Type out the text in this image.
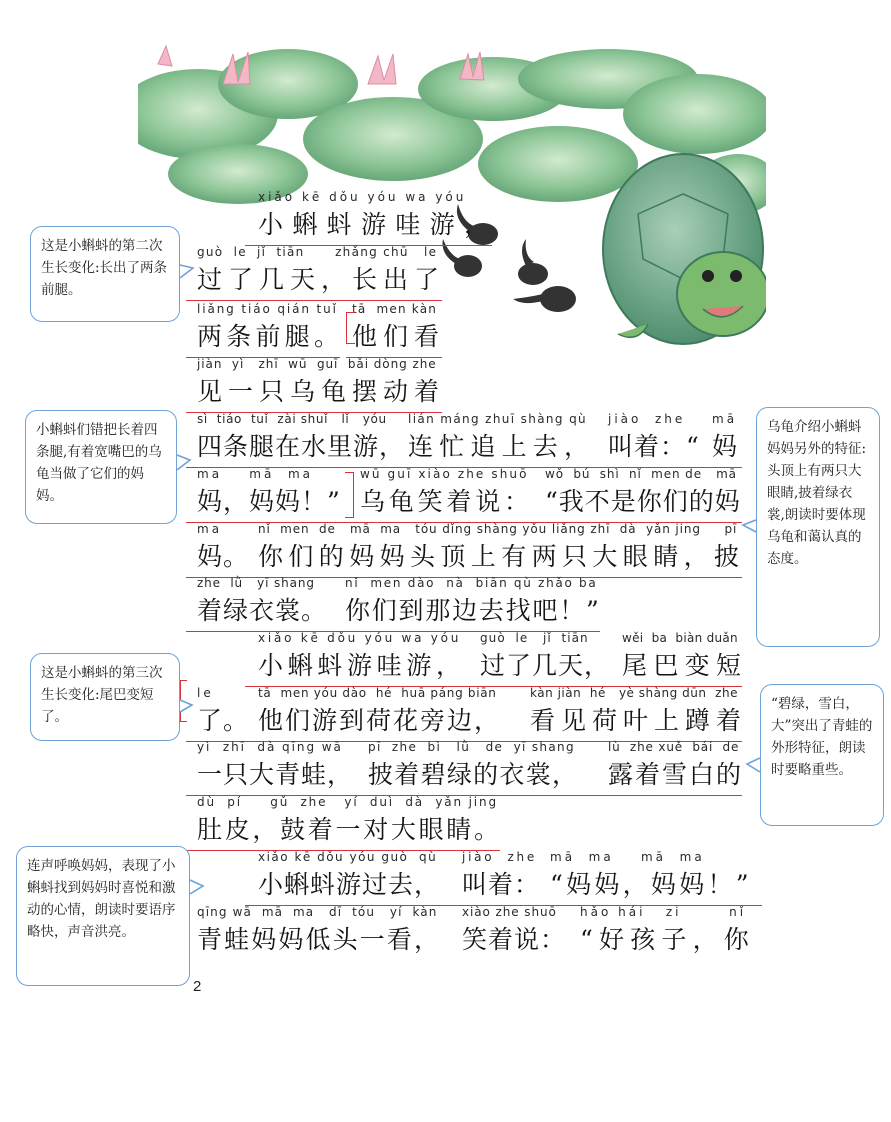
xiǎo kē dǒu yóu wa yóu
小蝌蚪游哇游，
guò  le  jǐ  tiān      zhǎng chū   le
过了几天，长出了
liǎng tiáo qián tuǐ
两条前腿。
tā  men kàn
他们看
jiàn  yì   zhī  wū  guī  bǎi dòng zhe
见一只乌龟摆动着
sì  tiáo  tuǐ  zài shuǐ   lǐ   yóu
四条腿在水里游，
lián máng zhuī shàng qù
连忙追上去，
jiào  zhe
叫着：“
mā
妈
ma    mā  ma
妈，妈妈！”
wū guī xiào zhe shuō
乌龟笑着说：
wǒ  bú  shì  nǐ  men de   mā
“我不是你们的妈
ma
妈。
nǐ  men  de   mā  ma   tóu dǐng shàng yǒu liǎng zhī  dà  yǎn jing     pī
你们的妈妈头顶上有两只大眼睛，披
zhe  lǜ   yī shang
着绿衣裳。
nǐ  men dào  nà  biān qù zhǎo ba
你们到那边去找吧！”
xiǎo kē dǒu yóu wa yóu
小蝌蚪游哇游，
guò  le   jǐ  tiān
过了几天，
wěi  ba  biàn duǎn
尾巴变短
le
了。
tā  men yóu dào  hé  huā páng biān
他们游到荷花旁边，
kàn jiàn  hé   yè shàng dūn  zhe
看见荷叶上蹲着
yì  zhī  dà qīng wā
一只大青蛙，
pī  zhe  bì   lǜ   de  yī shang
披着碧绿的衣裳，
lù  zhe xuě  bái  de
露着雪白的
dù  pí     gǔ  zhe   yí  duì  dà  yǎn jing
肚皮，鼓着一对大眼睛。
xiǎo kē dǒu yóu guò  qù
小蝌蚪游过去，
jiào  zhe
叫着：
mā  ma    mā  ma
“妈妈，妈妈！”
qīng wā  mā  ma   dī  tóu   yí  kàn
青蛙妈妈低头一看，
xiào zhe shuō
笑着说：
hǎo hái   zi       nǐ
“好孩子，你
这是小蝌蚪的第二次生长变化:长出了两条前腿。
小蝌蚪们错把长着四条腿,有着宽嘴巴的乌龟当做了它们的妈妈。
乌龟介绍小蝌蚪妈妈另外的特征:头顶上有两只大眼睛,披着绿衣裳,朗读时要体现乌龟和蔼认真的态度。
这是小蝌蚪的第三次生长变化:尾巴变短了。
“碧绿，雪白，大”突出了青蛙的外形特征，朗读时要略重些。
连声呼唤妈妈，表现了小蝌蚪找到妈妈时喜悦和激动的心情，朗读时要语序略快，声音洪亮。
2
